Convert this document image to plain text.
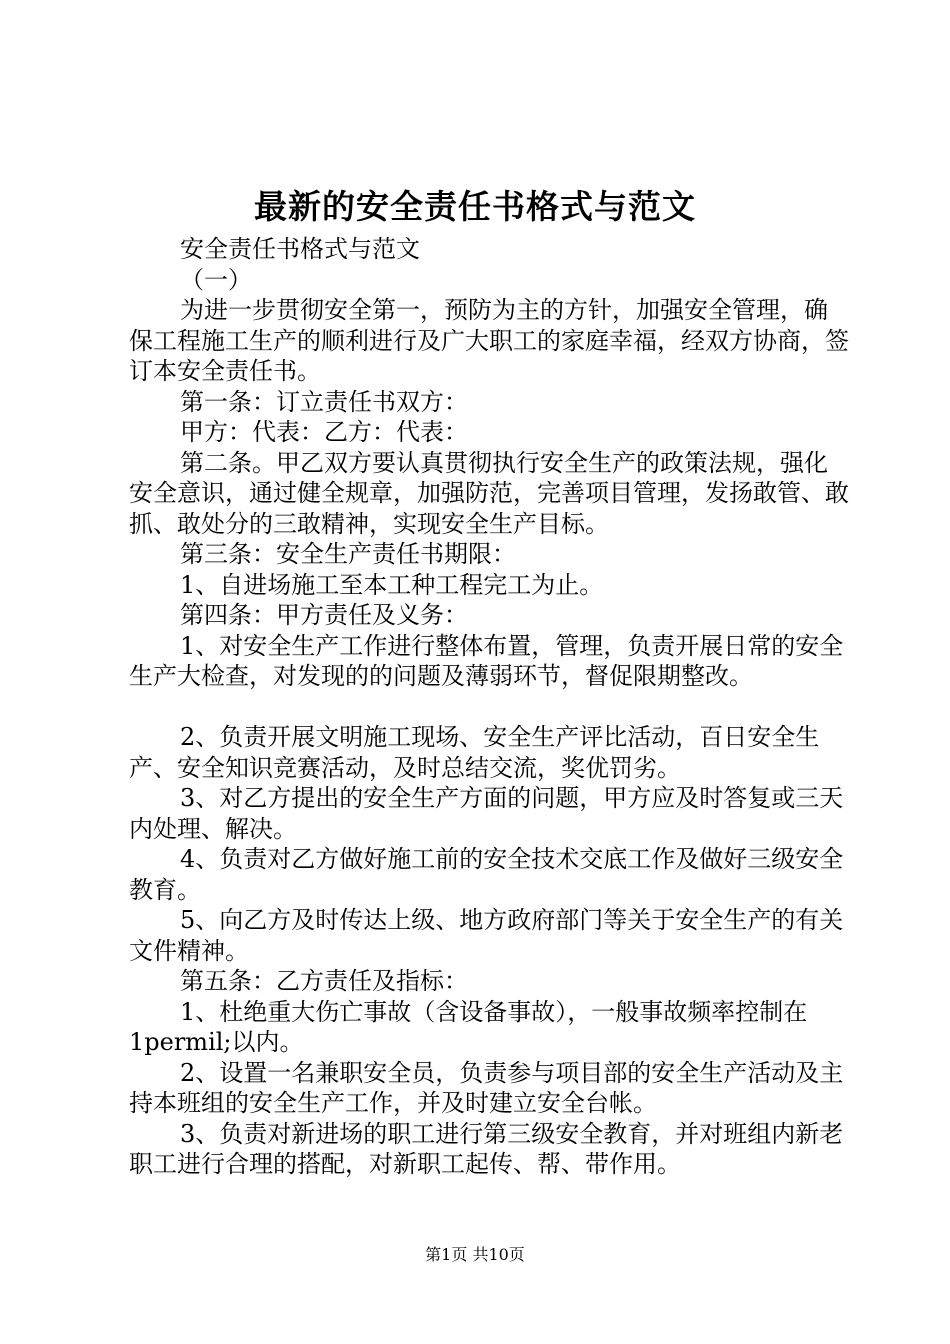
最新的安全责任书格式与范文

安全责任书格式与范文

（一）

为进一步贯彻安全第一，预防为主的方针，加强安全管理，确保工程施工生产的顺利进行及广大职工的家庭幸福，经双方协商，签订本安全责任书。

第一条：订立责任书双方：

甲方：代表：乙方：代表：

第二条。甲乙双方要认真贯彻执行安全生产的政策法规，强化安全意识，通过健全规章，加强防范，完善项目管理，发扬敢管、敢抓、敢处分的三敢精神，实现安全生产目标。

第三条：安全生产责任书期限：

1、自进场施工至本工种工程完工为止。

第四条：甲方责任及义务：

1、对安全生产工作进行整体布置，管理，负责开展日常的安全生产大检查，对发现的的问题及薄弱环节，督促限期整改。

2、负责开展文明施工现场、安全生产评比活动，百日安全生产、安全知识竞赛活动，及时总结交流，奖优罚劣。

3、对乙方提出的安全生产方面的问题，甲方应及时答复或三天内处理、解决。

4、负责对乙方做好施工前的安全技术交底工作及做好三级安全教育。

5、向乙方及时传达上级、地方政府部门等关于安全生产的有关文件精神。

第五条：乙方责任及指标：

1、杜绝重大伤亡事故（含设备事故），一般事故频率控制在1permil;以内。

2、设置一名兼职安全员，负责参与项目部的安全生产活动及主持本班组的安全生产工作，并及时建立安全台帐。

3、负责对新进场的职工进行第三级安全教育，并对班组内新老职工进行合理的搭配，对新职工起传、帮、带作用。

第1页 共10页
